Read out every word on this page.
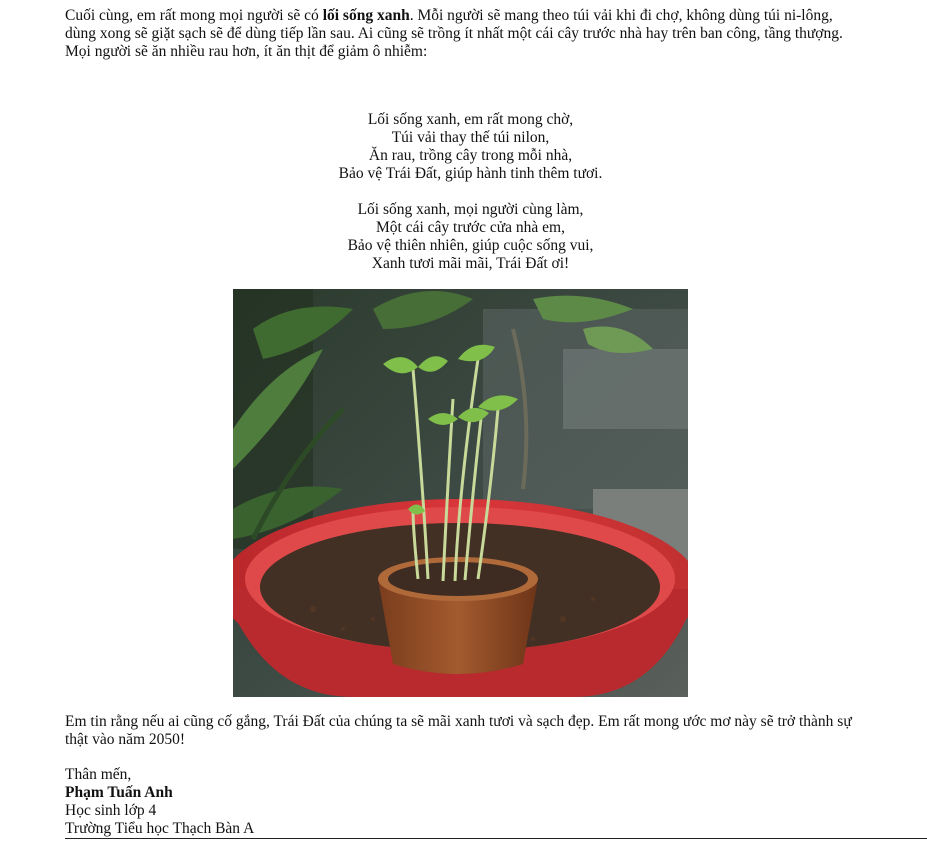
Cuối cùng, em rất mong mọi người sẽ có lối sống xanh. Mỗi người sẽ mang theo túi vải khi đi chợ, không dùng túi ni-lông, dùng xong sẽ giặt sạch sẽ để dùng tiếp lần sau. Ai cũng sẽ trồng ít nhất một cái cây trước nhà hay trên ban công, tầng thượng. Mọi người sẽ ăn nhiều rau hơn, ít ăn thịt để giảm ô nhiễm:

Lối sống xanh, em rất mong chờ,
Túi vải thay thế túi nilon,
Ăn rau, trồng cây trong mỗi nhà,
Bảo vệ Trái Đất, giúp hành tinh thêm tươi.
Lối sống xanh, mọi người cùng làm,
Một cái cây trước cửa nhà em,
Bảo vệ thiên nhiên, giúp cuộc sống vui,
Xanh tươi mãi mãi, Trái Đất ơi!

Em tin rằng nếu ai cũng cố gắng, Trái Đất của chúng ta sẽ mãi xanh tươi và sạch đẹp. Em rất mong ước mơ này sẽ trở thành sự thật vào năm 2050!

Thân mến,
Phạm Tuấn Anh
Học sinh lớp 4
Trường Tiểu học Thạch Bàn A
